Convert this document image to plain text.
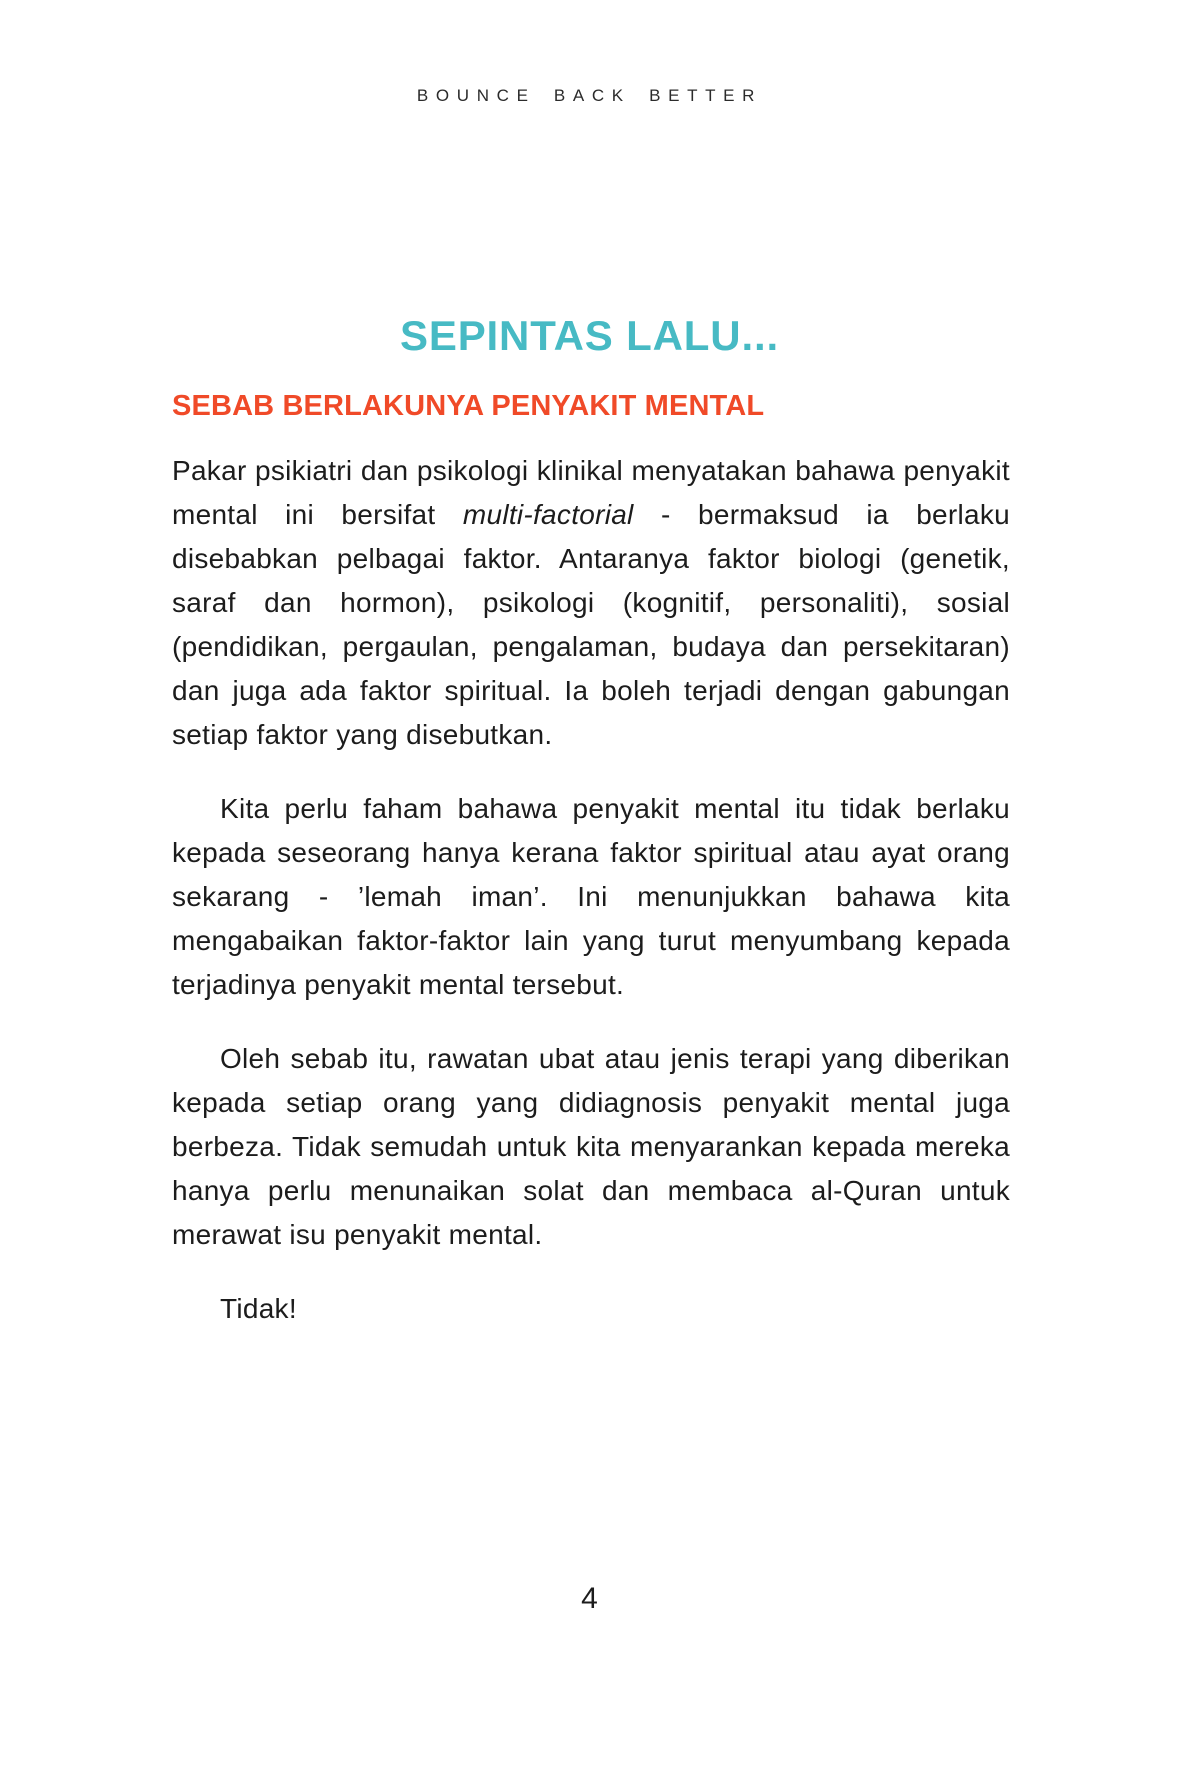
BOUNCE BACK BETTER
SEPINTAS LALU...
SEBAB BERLAKUNYA PENYAKIT MENTAL

Pakar psikiatri dan psikologi klinikal menyatakan bahawa penyakit mental ini bersifat multi-factorial - bermaksud ia berlaku disebabkan pelbagai faktor. Antaranya faktor biologi (genetik, saraf dan hormon), psikologi (kognitif, personaliti), sosial (pendidikan, pergaulan, pengalaman, budaya dan persekitaran) dan juga ada faktor spiritual. Ia boleh terjadi dengan gabungan setiap faktor yang disebutkan.

Kita perlu faham bahawa penyakit mental itu tidak berlaku kepada seseorang hanya kerana faktor spiritual atau ayat orang sekarang - ’lemah iman’. Ini menunjukkan bahawa kita mengabaikan faktor-faktor lain yang turut menyumbang kepada terjadinya penyakit mental tersebut.

Oleh sebab itu, rawatan ubat atau jenis terapi yang diberikan kepada setiap orang yang didiagnosis penyakit mental juga berbeza. Tidak semudah untuk kita menyarankan kepada mereka hanya perlu menunaikan solat dan membaca al-Quran untuk merawat isu penyakit mental.

Tidak!

4
